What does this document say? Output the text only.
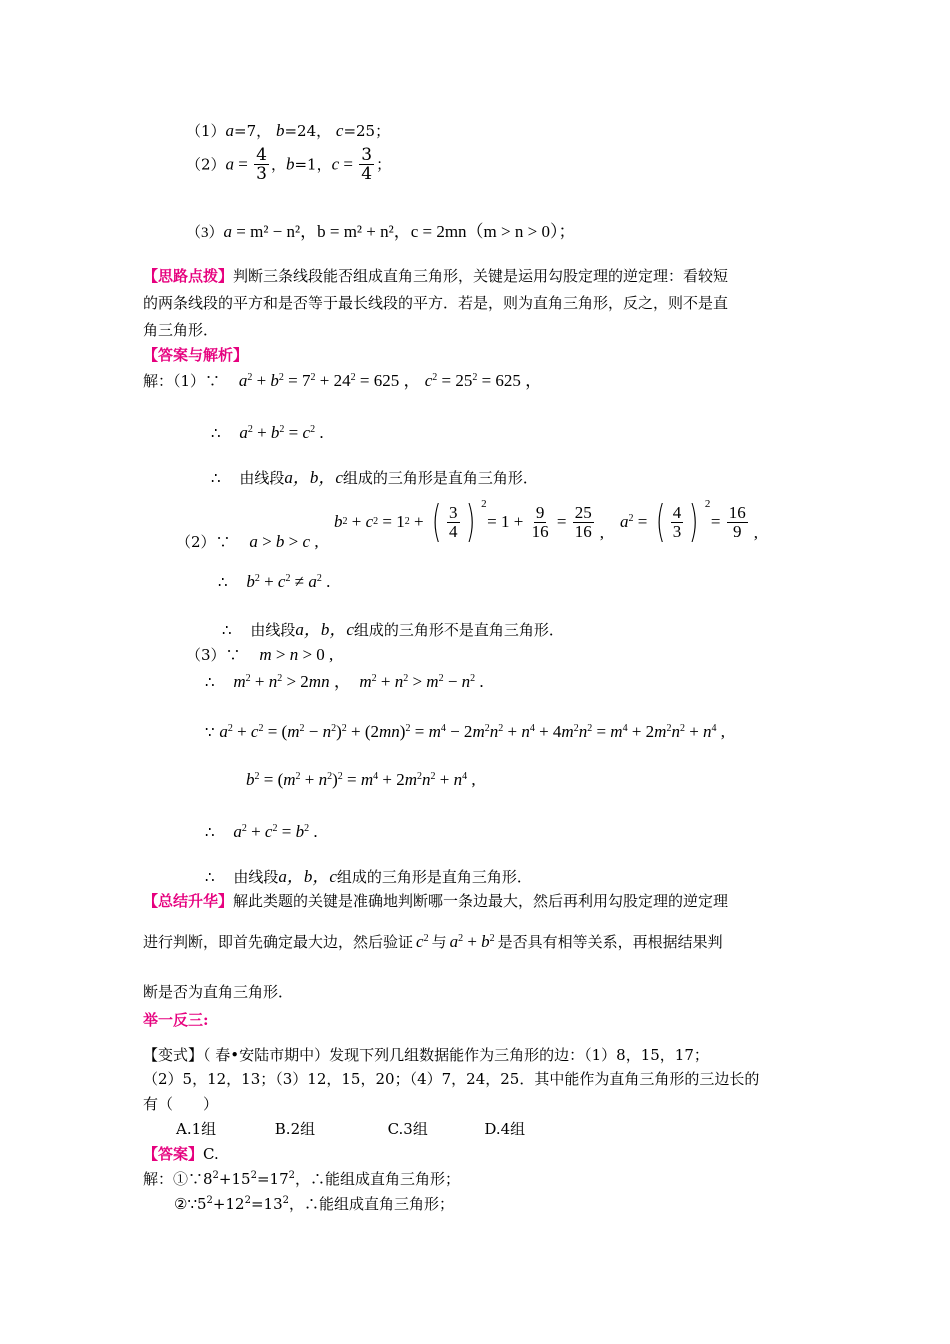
（1）a=7， b=24， c=25；
$(2)a = \frac{4}{3}$ ，b=1，$c = \frac{3}{4}$ ；
（3）a = m² − n²，b = m² + n²，c = 2mn（m > n > 0）；
【思路点拨】判断三条线段能否组成直角三角形，关键是运用勾股定理的逆定理：看较短
的两条线段的平方和是否等于最长线段的平方．若是，则为直角三角形，反之，则不是直
角三角形．
【答案与解析】
解：（1）∵ $a^2 + b^2 = 7^2 + 24^2 = 625$ ， $c^2 = 25^2 = 625$ ，
∴ $a^2 + b^2 = c^2$ .
∴ 由线段a，b，c组成的三角形是直角三角形．
b 2 + c 2 = 1 2 + ( $\frac{3}{4}$ ) 2
= $1 + \frac{9}{16} = \frac{25}{16}$ ,
$a^2$ = ( $\frac{4}{3}$ ) 2
= $\frac{16}{9}$ ,
（2）∵ a > b > c ,
∴ $b^2 + c^2 \ne a^2$ .
∴ 由线段a，b，c组成的三角形不是直角三角形．
（3）∵ m > n > 0 ,
∴ $m^2 + n^2 > 2mn$ ，  $m^2 + n^2 > m^2 - n^2$ .
∵ $a^2 + c^2 = (m^2 - n^2)^2 + (2mn)^2 = m^4 - 2m^2n^2 + n^4 + 4m^2n^2 = m^4 + 2m^2n^2 + n^4$ ,
$b^2 = (m^2 + n^2)^2 = m^4 + 2m^2n^2 + n^4$ ,
∴ $a^2 + c^2 = b^2$ .
∴ 由线段a，b，c组成的三角形是直角三角形．
【总结升华】解此类题的关键是准确地判断哪一条边最大，然后再利用勾股定理的逆定理
进行判断，即首先确定最大边，然后验证 $c^2$ 与 $a^2 + b^2$ 是否具有相等关系，再根据结果判
断是否为直角三角形．
举一反三:
【变式】（ 春•安陆市期中）发现下列几组数据能作为三角形的边：（1）8，15，17；
（2）5，12，13；（3）12，15，20；（4）7，24，25．其中能作为直角三角形的三边长的
有（　　）
A.1组	B.2组	C.3组	D.4组
【答案】C.
解：$①\because 8^2+15^2=17^2$，∴能组成直角三角形；
$②\because 5^2+12^2=13^2$，∴能组成直角三角形；
